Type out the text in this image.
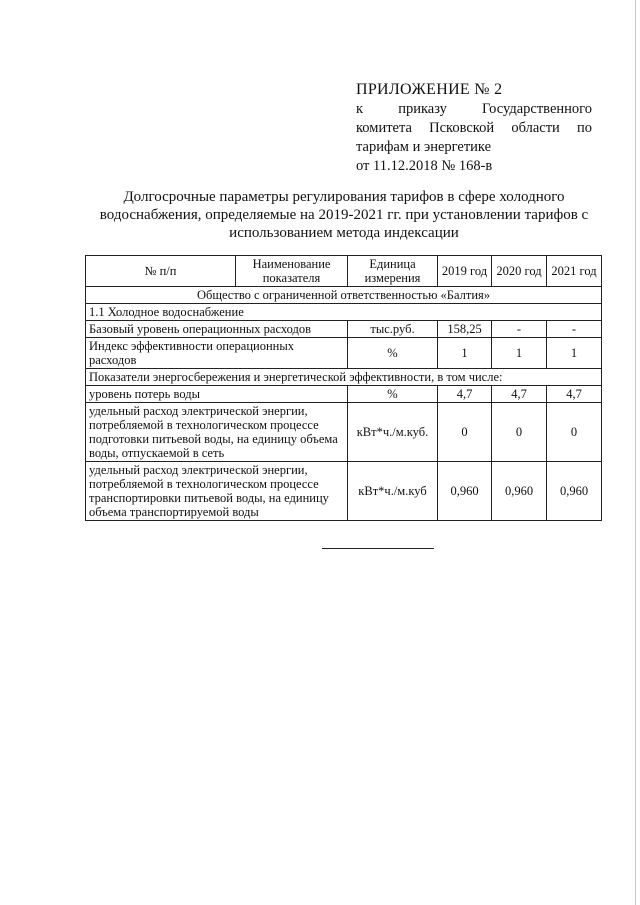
ПРИЛОЖЕНИЕ № 2
к приказу Государственного
комитета Псковской области по
тарифам и энергетике
от 11.12.2018 № 168-в
Долгосрочные параметры регулирования тарифов в сфере холодного водоснабжения, определяемые на 2019-2021 гг. при установлении тарифов с использованием метода индексации
№ п/п	Наименование показателя	Единица измерения	2019 год	2020 год	2021 год
Общество с ограниченной ответственностью «Балтия»					
1.1 Холодное водоснабжение					
Базовый уровень операционных расходов		тыс.руб.	158,25	-	-
Индекс эффективности операционных расходов		%	1	1	1
Показатели энергосбережения и энергетической эффективности, в том числе:					
уровень потерь воды		%	4,7	4,7	4,7
удельный расход электрической энергии, потребляемой в технологическом процессе подготовки питьевой воды, на единицу объема воды, отпускаемой в сеть		кВт*ч./м.куб.	0	0	0
удельный расход электрической энергии, потребляемой в технологическом процессе транспортировки питьевой воды, на единицу объема транспортируемой воды		кВт*ч./м.куб	0,960	0,960	0,960
